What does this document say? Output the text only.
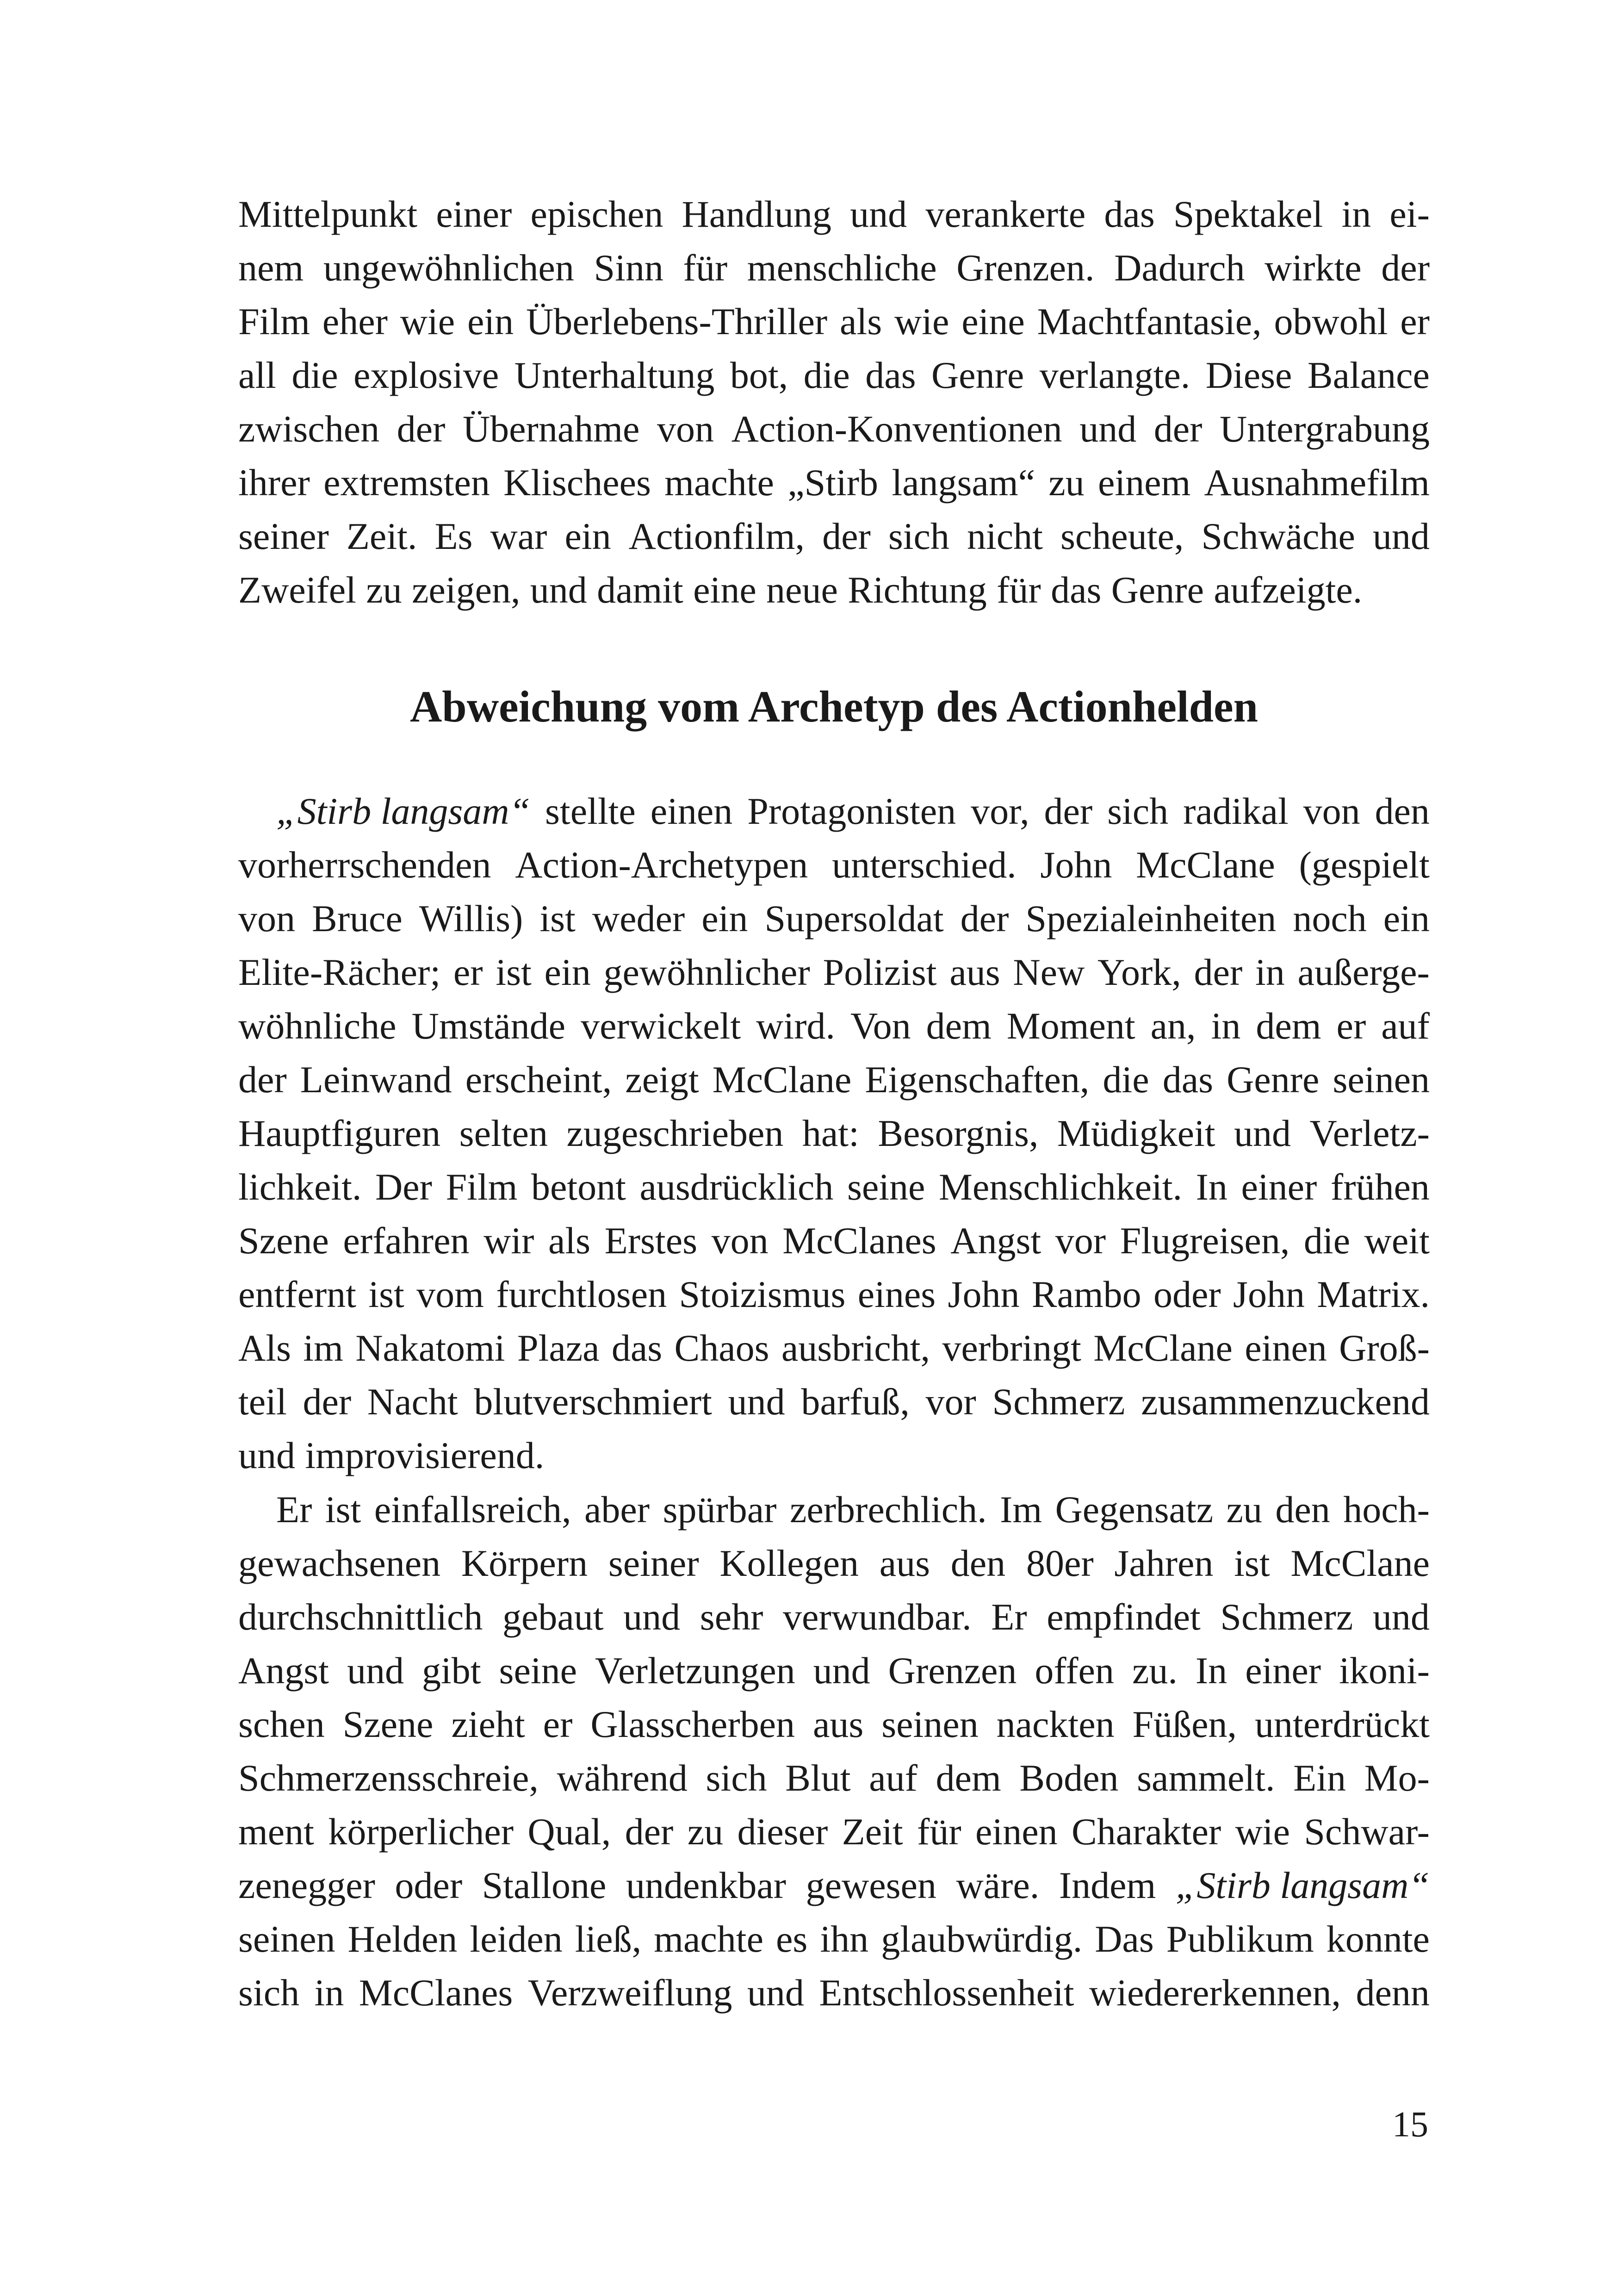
Mittelpunkt einer epischen Handlung und verankerte das Spektakel in ei-
nem ungewöhnlichen Sinn für menschliche Grenzen. Dadurch wirkte der
Film eher wie ein Überlebens-Thriller als wie eine Machtfantasie, obwohl er
all die explosive Unterhaltung bot, die das Genre verlangte. Diese Balance
zwischen der Übernahme von Action-Konventionen und der Untergrabung
ihrer extremsten Klischees machte „Stirb langsam“ zu einem Ausnahmefilm
seiner Zeit. Es war ein Actionfilm, der sich nicht scheute, Schwäche und
Zweifel zu zeigen, und damit eine neue Richtung für das Genre aufzeigte.
Abweichung vom Archetyp des Actionhelden
„Stirb langsam“ stellte einen Protagonisten vor, der sich radikal von den
vorherrschenden Action-Archetypen unterschied. John McClane (gespielt
von Bruce Willis) ist weder ein Supersoldat der Spezialeinheiten noch ein
Elite-Rächer; er ist ein gewöhnlicher Polizist aus New York, der in außerge-
wöhnliche Umstände verwickelt wird. Von dem Moment an, in dem er auf
der Leinwand erscheint, zeigt McClane Eigenschaften, die das Genre seinen
Hauptfiguren selten zugeschrieben hat: Besorgnis, Müdigkeit und Verletz-
lichkeit. Der Film betont ausdrücklich seine Menschlichkeit. In einer frühen
Szene erfahren wir als Erstes von McClanes Angst vor Flugreisen, die weit
entfernt ist vom furchtlosen Stoizismus eines John Rambo oder John Matrix.
Als im Nakatomi Plaza das Chaos ausbricht, verbringt McClane einen Groß-
teil der Nacht blutverschmiert und barfuß, vor Schmerz zusammenzuckend
und improvisierend.
Er ist einfallsreich, aber spürbar zerbrechlich. Im Gegensatz zu den hoch-
gewachsenen Körpern seiner Kollegen aus den 80er Jahren ist McClane
durchschnittlich gebaut und sehr verwundbar. Er empfindet Schmerz und
Angst und gibt seine Verletzungen und Grenzen offen zu. In einer ikoni-
schen Szene zieht er Glasscherben aus seinen nackten Füßen, unterdrückt
Schmerzensschreie, während sich Blut auf dem Boden sammelt. Ein Mo-
ment körperlicher Qual, der zu dieser Zeit für einen Charakter wie Schwar-
zenegger oder Stallone undenkbar gewesen wäre. Indem „Stirb langsam“
seinen Helden leiden ließ, machte es ihn glaubwürdig. Das Publikum konnte
sich in McClanes Verzweiflung und Entschlossenheit wiedererkennen, denn
15
